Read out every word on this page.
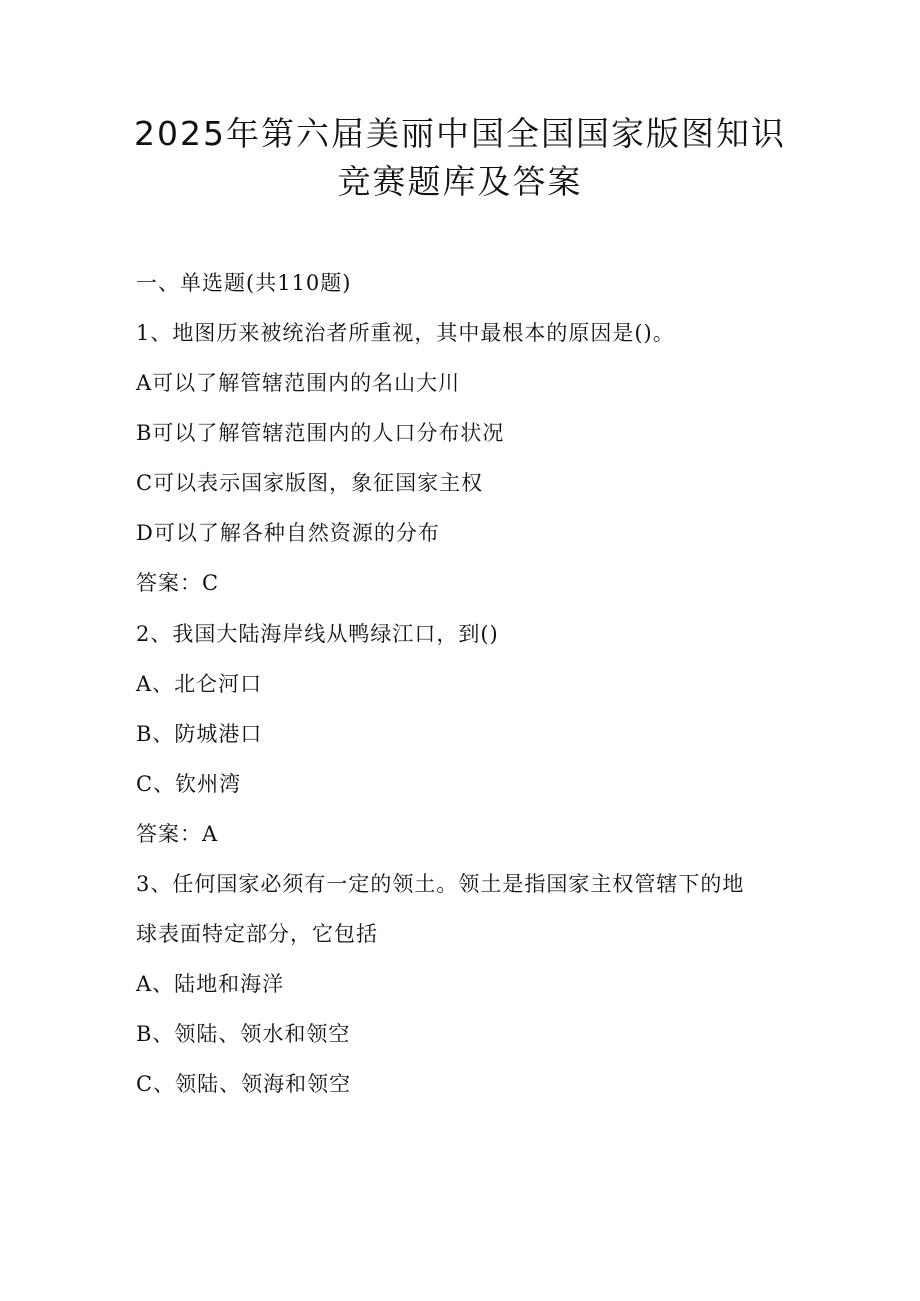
2025年第六届美丽中国全国国家版图知识
竞赛题库及答案
一、单选题(共110题)
1、地图历来被统治者所重视，其中最根本的原因是()。
A可以了解管辖范围内的名山大川
B可以了解管辖范围内的人口分布状况
C可以表示国家版图，象征国家主权
D可以了解各种自然资源的分布
答案：C
2、我国大陆海岸线从鸭绿江口，到()
A、北仑河口
B、防城港口
C、钦州湾
答案：A
3、任何国家必须有一定的领土。领土是指国家主权管辖下的地
球表面特定部分，它包括
A、陆地和海洋
B、领陆、领水和领空
C、领陆、领海和领空
